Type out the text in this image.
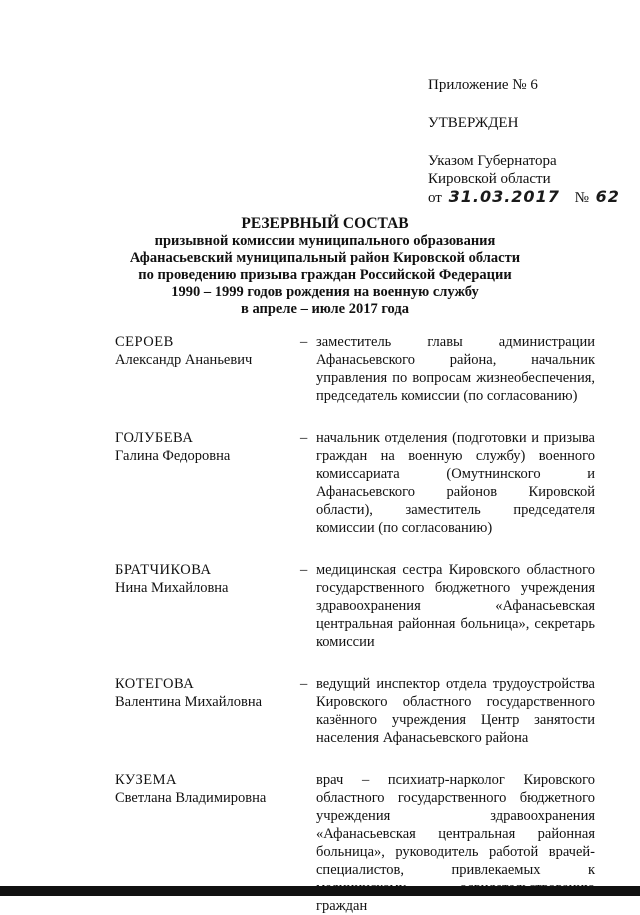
Приложение № 6
УТВЕРЖДЕН
Указом Губернатора
Кировской области
от 31.03.2017 № 62
РЕЗЕРВНЫЙ СОСТАВ
призывной комиссии муниципального образования
Афанасьевский муниципальный район Кировской области
по проведению призыва граждан Российской Федерации
1990 – 1999 годов рождения на военную службу
в апреле – июле 2017 года
СЕРОЕВ
Александр Ананьевич
– заместитель главы администрации Афанасьевского района, начальник управления по вопросам жизнеобеспечения, председатель комиссии (по согласованию)
ГОЛУБЕВА
Галина Федоровна
– начальник отделения (подготовки и призыва граждан на военную службу) военного комиссариата (Омутнинского и Афанасьевского районов Кировской области), заместитель председателя комиссии (по согласованию)
БРАТЧИКОВА
Нина Михайловна
– медицинская сестра Кировского областного государственного бюджетного учреждения здравоохранения «Афанасьевская центральная районная больница», секретарь комиссии
КОТЕГОВА
Валентина Михайловна
– ведущий инспектор отдела трудоустройства Кировского областного государственного казённого учреждения Центр занятости населения Афанасьевского района
КУЗЕМА
Светлана Владимировна
врач – психиатр-нарколог Кировского областного государственного бюджетного учреждения здравоохранения «Афанасьевская центральная районная больница», руководитель работой врачей-специалистов, привлекаемых к граждан
